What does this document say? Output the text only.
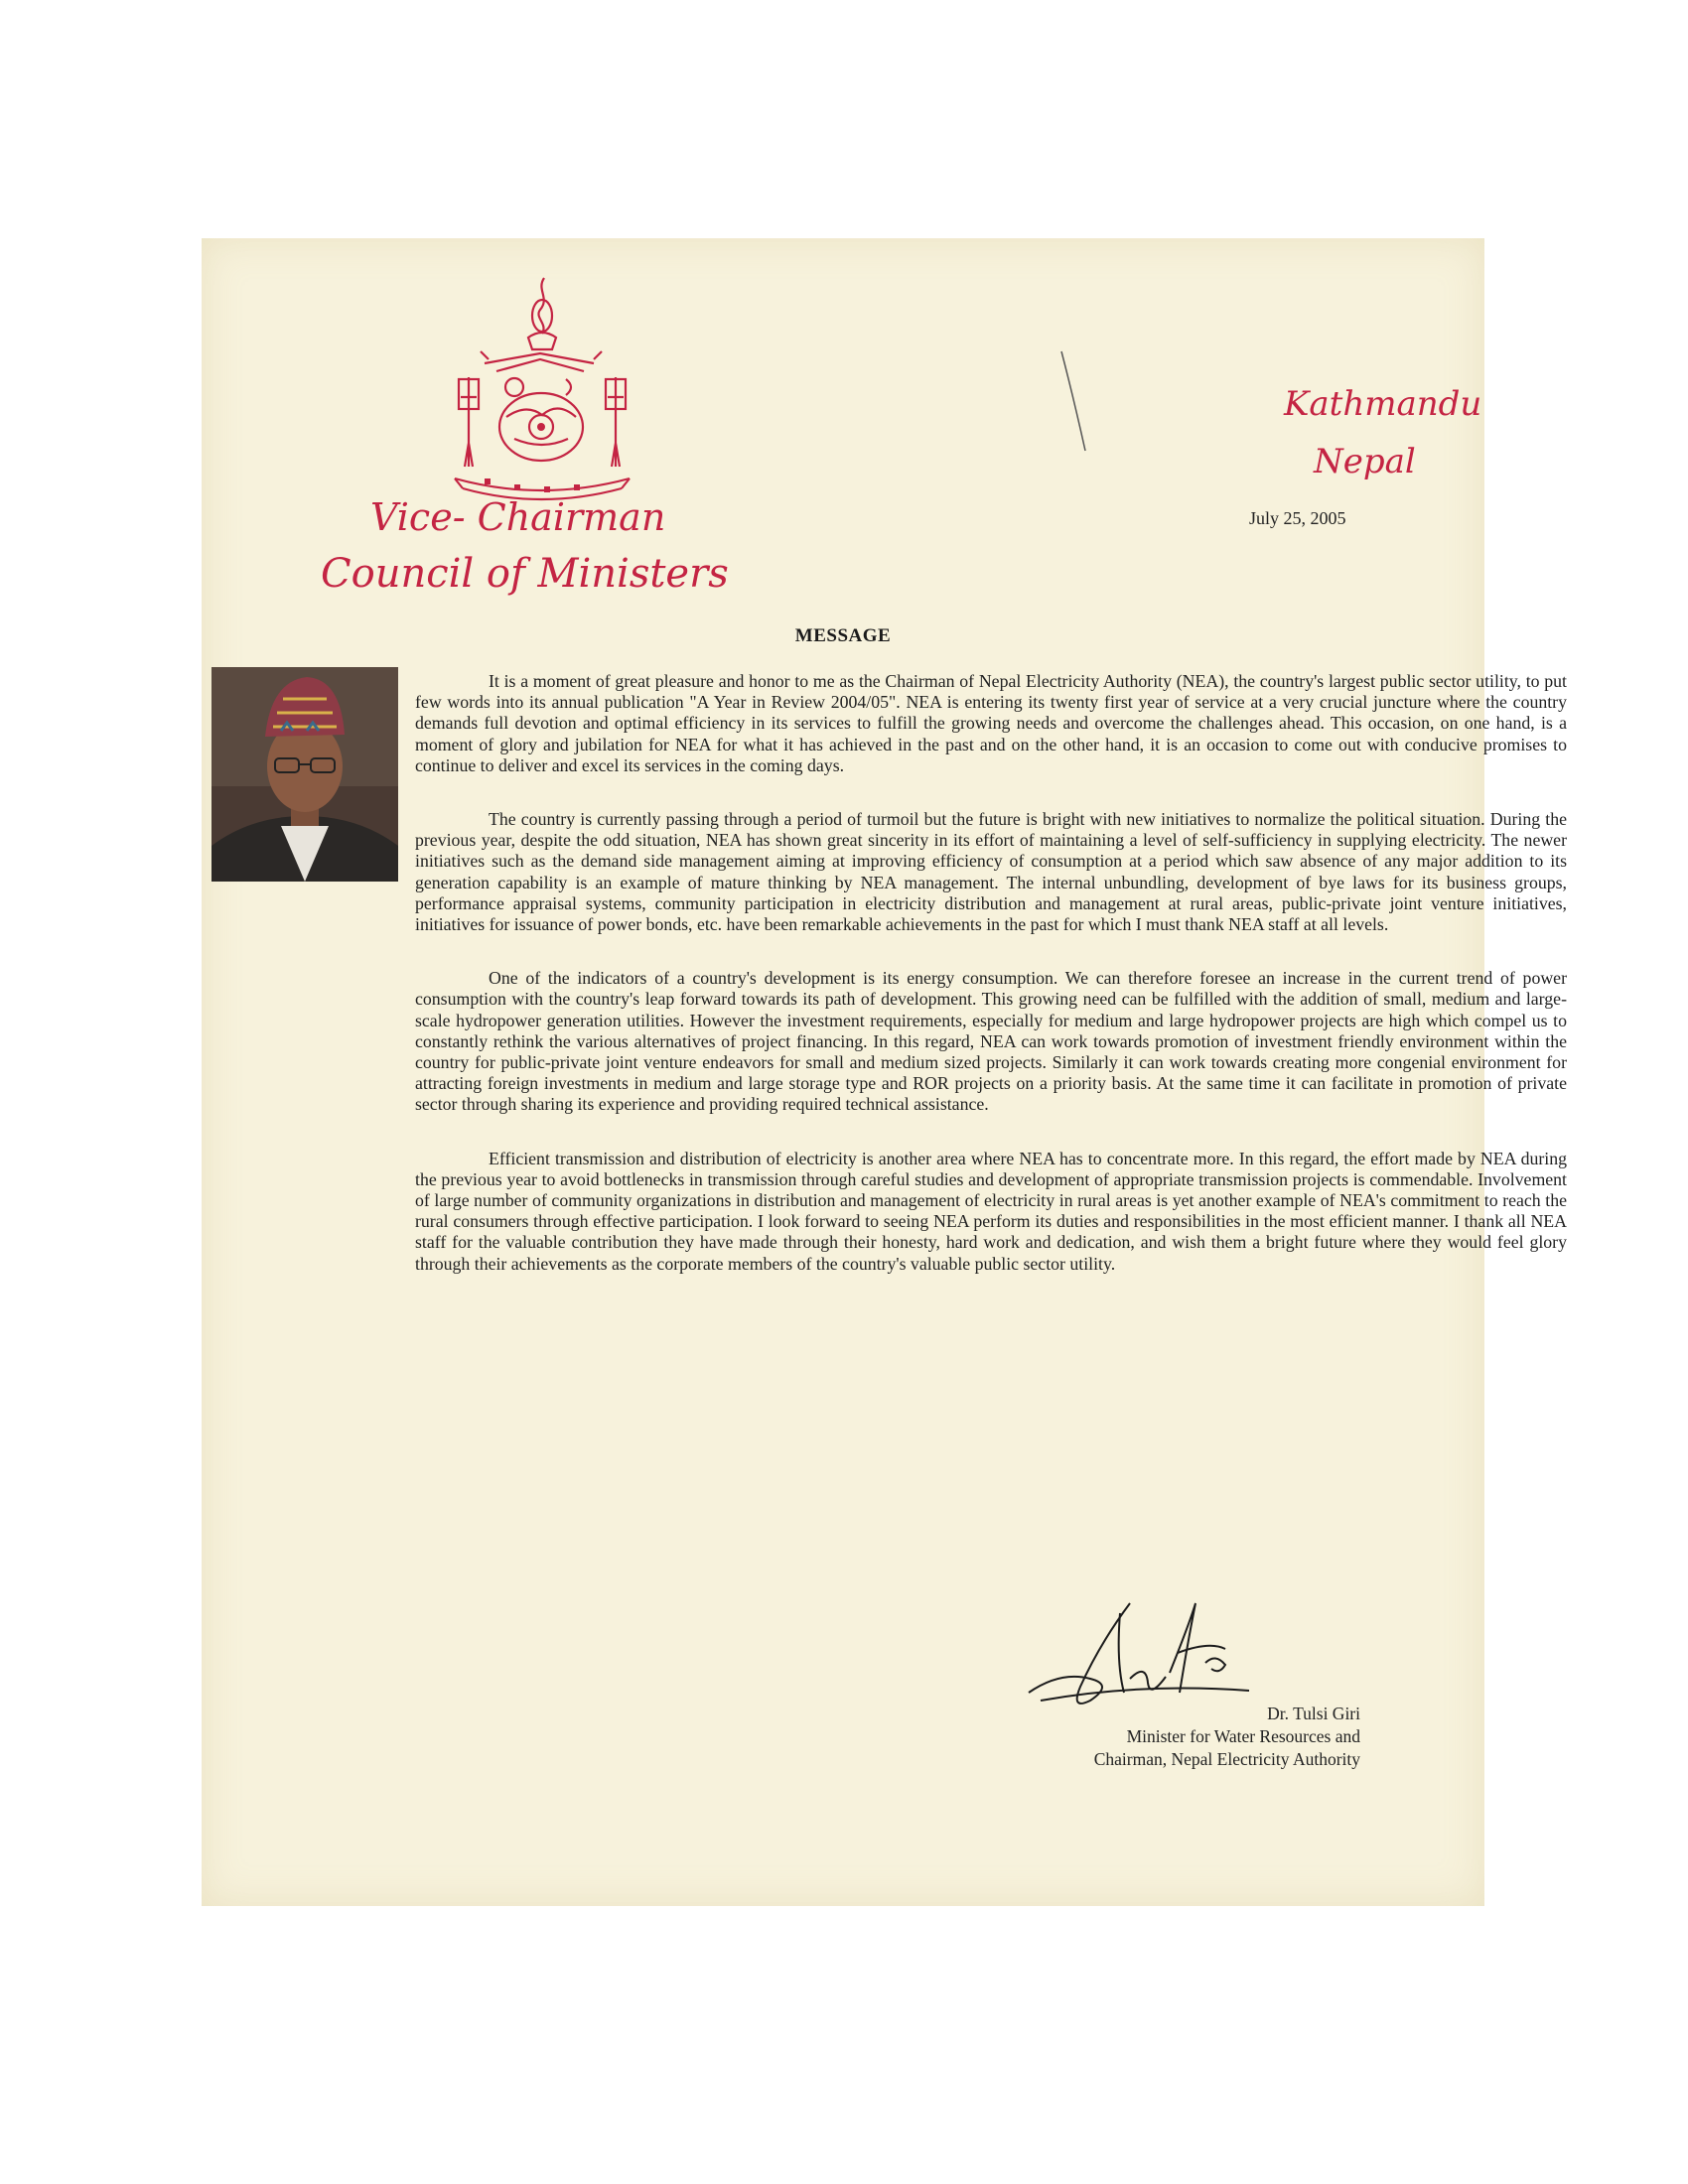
Vice- Chairman
Council of Ministers
Kathmandu
Nepal
July 25, 2005
MESSAGE

It is a moment of great pleasure and honor to me as the Chairman of Nepal Electricity Authority (NEA), the country's largest public sector utility, to put few words into its annual publication "A Year in Review 2004/05". NEA is entering its twenty first year of service at a very crucial juncture where the country demands full devotion and optimal efficiency in its services to fulfill the growing needs and overcome the challenges ahead. This occasion, on one hand, is a moment of glory and jubilation for NEA for what it has achieved in the past and on the other hand, it is an occasion to come out with conducive promises to continue to deliver and excel its services in the coming days.

The country is currently passing through a period of turmoil but the future is bright with new initiatives to normalize the political situation. During the previous year, despite the odd situation, NEA has shown great sincerity in its effort of maintaining a level of self-sufficiency in supplying electricity. The newer initiatives such as the demand side management aiming at improving efficiency of consumption at a period which saw absence of any major addition to its generation capability is an example of mature thinking by NEA management. The internal unbundling, development of bye laws for its business groups, performance appraisal systems, community participation in electricity distribution and management at rural areas, public-private joint venture initiatives, initiatives for issuance of power bonds, etc. have been remarkable achievements in the past for which I must thank NEA staff at all levels.

One of the indicators of a country's development is its energy consumption. We can therefore foresee an increase in the current trend of power consumption with the country's leap forward towards its path of development. This growing need can be fulfilled with the addition of small, medium and large-scale hydropower generation utilities. However the investment requirements, especially for medium and large hydropower projects are high which compel us to constantly rethink the various alternatives of project financing. In this regard, NEA can work towards promotion of investment friendly environment within the country for public-private joint venture endeavors for small and medium sized projects. Similarly it can work towards creating more congenial environment for attracting foreign investments in medium and large storage type and ROR projects on a priority basis. At the same time it can facilitate in promotion of private sector through sharing its experience and providing required technical assistance.

Efficient transmission and distribution of electricity is another area where NEA has to concentrate more. In this regard, the effort made by NEA during the previous year to avoid bottlenecks in transmission through careful studies and development of appropriate transmission projects is commendable. Involvement of large number of community organizations in distribution and management of electricity in rural areas is yet another example of NEA's commitment to reach the rural consumers through effective participation. I look forward to seeing NEA perform its duties and responsibilities in the most efficient manner. I thank all NEA staff for the valuable contribution they have made through their honesty, hard work and dedication, and wish them a bright future where they would feel glory through their achievements as the corporate members of the country's valuable public sector utility.

Dr. Tulsi Giri
Minister for Water Resources and
Chairman, Nepal Electricity Authority
